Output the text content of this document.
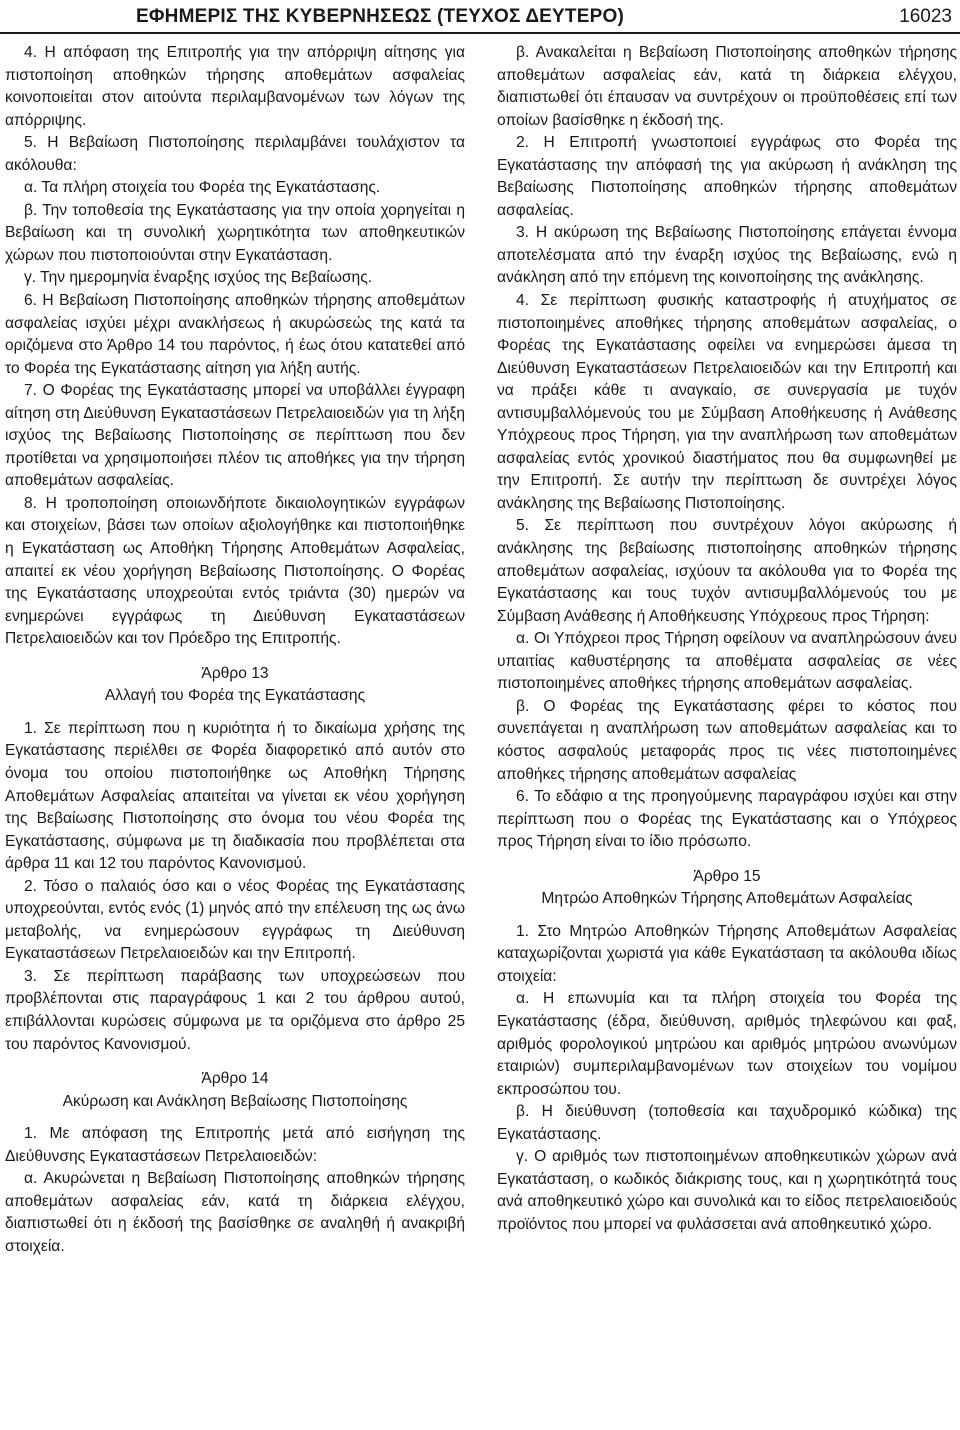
ΕΦΗΜΕΡΙΣ ΤΗΣ ΚΥΒΕΡΝΗΣΕΩΣ (ΤΕΥΧΟΣ ΔΕΥΤΕΡΟ)	16023

4. Η απόφαση της Επιτροπής για την απόρριψη αίτησης για πιστοποίηση αποθηκών τήρησης αποθεμάτων ασφαλείας κοινοποιείται στον αιτούντα περιλαμβανομένων των λόγων της απόρριψης.

5. Η Βεβαίωση Πιστοποίησης περιλαμβάνει τουλάχιστον τα ακόλουθα:

α. Τα πλήρη στοιχεία του Φορέα της Εγκατάστασης.

β. Την τοποθεσία της Εγκατάστασης για την οποία χορηγείται η Βεβαίωση και τη συνολική χωρητικότητα των αποθηκευτικών χώρων που πιστοποιούνται στην Εγκατάσταση.

γ. Την ημερομηνία έναρξης ισχύος της Βεβαίωσης.

6. Η Βεβαίωση Πιστοποίησης αποθηκών τήρησης αποθεμάτων ασφαλείας ισχύει μέχρι ανακλήσεως ή ακυρώσεώς της κατά τα οριζόμενα στο Άρθρο 14 του παρόντος, ή έως ότου κατατεθεί από το Φορέα της Εγκατάστασης αίτηση για λήξη αυτής.

7. Ο Φορέας της Εγκατάστασης μπορεί να υποβάλλει έγγραφη αίτηση στη Διεύθυνση Εγκαταστάσεων Πετρελαιοειδών για τη λήξη ισχύος της Βεβαίωσης Πιστοποίησης σε περίπτωση που δεν προτίθεται να χρησιμοποιήσει πλέον τις αποθήκες για την τήρηση αποθεμάτων ασφαλείας.

8. Η τροποποίηση οποιωνδήποτε δικαιολογητικών εγγράφων και στοιχείων, βάσει των οποίων αξιολογήθηκε και πιστοποιήθηκε η Εγκατάσταση ως Αποθήκη Τήρησης Αποθεμάτων Ασφαλείας, απαιτεί εκ νέου χορήγηση Βεβαίωσης Πιστοποίησης. Ο Φορέας της Εγκατάστασης υποχρεούται εντός τριάντα (30) ημερών να ενημερώνει εγγράφως τη Διεύθυνση Εγκαταστάσεων Πετρελαιοειδών και τον Πρόεδρο της Επιτροπής.

Άρθρο 13

Αλλαγή του Φορέα της Εγκατάστασης

1. Σε περίπτωση που η κυριότητα ή το δικαίωμα χρήσης της Εγκατάστασης περιέλθει σε Φορέα διαφορετικό από αυτόν στο όνομα του οποίου πιστοποιήθηκε ως Αποθήκη Τήρησης Αποθεμάτων Ασφαλείας απαιτείται να γίνεται εκ νέου χορήγηση της Βεβαίωσης Πιστοποίησης στο όνομα του νέου Φορέα της Εγκατάστασης, σύμφωνα με τη διαδικασία που προβλέπεται στα άρθρα 11 και 12 του παρόντος Κανονισμού.

2. Τόσο ο παλαιός όσο και ο νέος Φορέας της Εγκατάστασης υποχρεούνται, εντός ενός (1) μηνός από την επέλευση της ως άνω μεταβολής, να ενημερώσουν εγγράφως τη Διεύθυνση Εγκαταστάσεων Πετρελαιοειδών και την Επιτροπή.

3. Σε περίπτωση παράβασης των υποχρεώσεων που προβλέπονται στις παραγράφους 1 και 2 του άρθρου αυτού, επιβάλλονται κυρώσεις σύμφωνα με τα οριζόμενα στο άρθρο 25 του παρόντος Κανονισμού.

Άρθρο 14

Ακύρωση και Ανάκληση Βεβαίωσης Πιστοποίησης

1. Με απόφαση της Επιτροπής μετά από εισήγηση της Διεύθυνσης Εγκαταστάσεων Πετρελαιοειδών:

α. Ακυρώνεται η Βεβαίωση Πιστοποίησης αποθηκών τήρησης αποθεμάτων ασφαλείας εάν, κατά τη διάρκεια ελέγχου, διαπιστωθεί ότι η έκδοσή της βασίσθηκε σε αναληθή ή ανακριβή στοιχεία.

β. Ανακαλείται η Βεβαίωση Πιστοποίησης αποθηκών τήρησης αποθεμάτων ασφαλείας εάν, κατά τη διάρκεια ελέγχου, διαπιστωθεί ότι έπαυσαν να συντρέχουν οι προϋποθέσεις επί των οποίων βασίσθηκε η έκδοσή της.

2. Η Επιτροπή γνωστοποιεί εγγράφως στο Φορέα της Εγκατάστασης την απόφασή της για ακύρωση ή ανάκληση της Βεβαίωσης Πιστοποίησης αποθηκών τήρησης αποθεμάτων ασφαλείας.

3. Η ακύρωση της Βεβαίωσης Πιστοποίησης επάγεται έννομα αποτελέσματα από την έναρξη ισχύος της Βεβαίωσης, ενώ η ανάκληση από την επόμενη της κοινοποίησης της ανάκλησης.

4. Σε περίπτωση φυσικής καταστροφής ή ατυχήματος σε πιστοποιημένες αποθήκες τήρησης αποθεμάτων ασφαλείας, ο Φορέας της Εγκατάστασης οφείλει να ενημερώσει άμεσα τη Διεύθυνση Εγκαταστάσεων Πετρελαιοειδών και την Επιτροπή και να πράξει κάθε τι αναγκαίο, σε συνεργασία με τυχόν αντισυμβαλλόμενούς του με Σύμβαση Αποθήκευσης ή Ανάθεσης Υπόχρεους προς Τήρηση, για την αναπλήρωση των αποθεμάτων ασφαλείας εντός χρονικού διαστήματος που θα συμφωνηθεί με την Επιτροπή. Σε αυτήν την περίπτωση δε συντρέχει λόγος ανάκλησης της Βεβαίωσης Πιστοποίησης.

5. Σε περίπτωση που συντρέχουν λόγοι ακύρωσης ή ανάκλησης της βεβαίωσης πιστοποίησης αποθηκών τήρησης αποθεμάτων ασφαλείας, ισχύουν τα ακόλουθα για το Φορέα της Εγκατάστασης και τους τυχόν αντισυμβαλλόμενούς του με Σύμβαση Ανάθεσης ή Αποθήκευσης Υπόχρεους προς Τήρηση:

α. Οι Υπόχρεοι προς Τήρηση οφείλουν να αναπληρώσουν άνευ υπαιτίας καθυστέρησης τα αποθέματα ασφαλείας σε νέες πιστοποιημένες αποθήκες τήρησης αποθεμάτων ασφαλείας.

β. Ο Φορέας της Εγκατάστασης φέρει το κόστος που συνεπάγεται η αναπλήρωση των αποθεμάτων ασφαλείας και το κόστος ασφαλούς μεταφοράς προς τις νέες πιστοποιημένες αποθήκες τήρησης αποθεμάτων ασφαλείας

6. Το εδάφιο α της προηγούμενης παραγράφου ισχύει και στην περίπτωση που ο Φορέας της Εγκατάστασης και ο Υπόχρεος προς Τήρηση είναι το ίδιο πρόσωπο.

Άρθρο 15

Μητρώο Αποθηκών Τήρησης Αποθεμάτων Ασφαλείας

1. Στο Μητρώο Αποθηκών Τήρησης Αποθεμάτων Ασφαλείας καταχωρίζονται χωριστά για κάθε Εγκατάσταση τα ακόλουθα ιδίως στοιχεία:

α. Η επωνυμία και τα πλήρη στοιχεία του Φορέα της Εγκατάστασης (έδρα, διεύθυνση, αριθμός τηλεφώνου και φαξ, αριθμός φορολογικού μητρώου και αριθμός μητρώου ανωνύμων εταιριών) συμπεριλαμβανομένων των στοιχείων του νομίμου εκπροσώπου του.

β. Η διεύθυνση (τοποθεσία και ταχυδρομικό κώδικα) της Εγκατάστασης.

γ. Ο αριθμός των πιστοποιημένων αποθηκευτικών χώρων ανά Εγκατάσταση, ο κωδικός διάκρισης τους, και η χωρητικότητά τους ανά αποθηκευτικό χώρο και συνολικά και το είδος πετρελαιοειδούς προϊόντος που μπορεί να φυλάσσεται ανά αποθηκευτικό χώρο.
